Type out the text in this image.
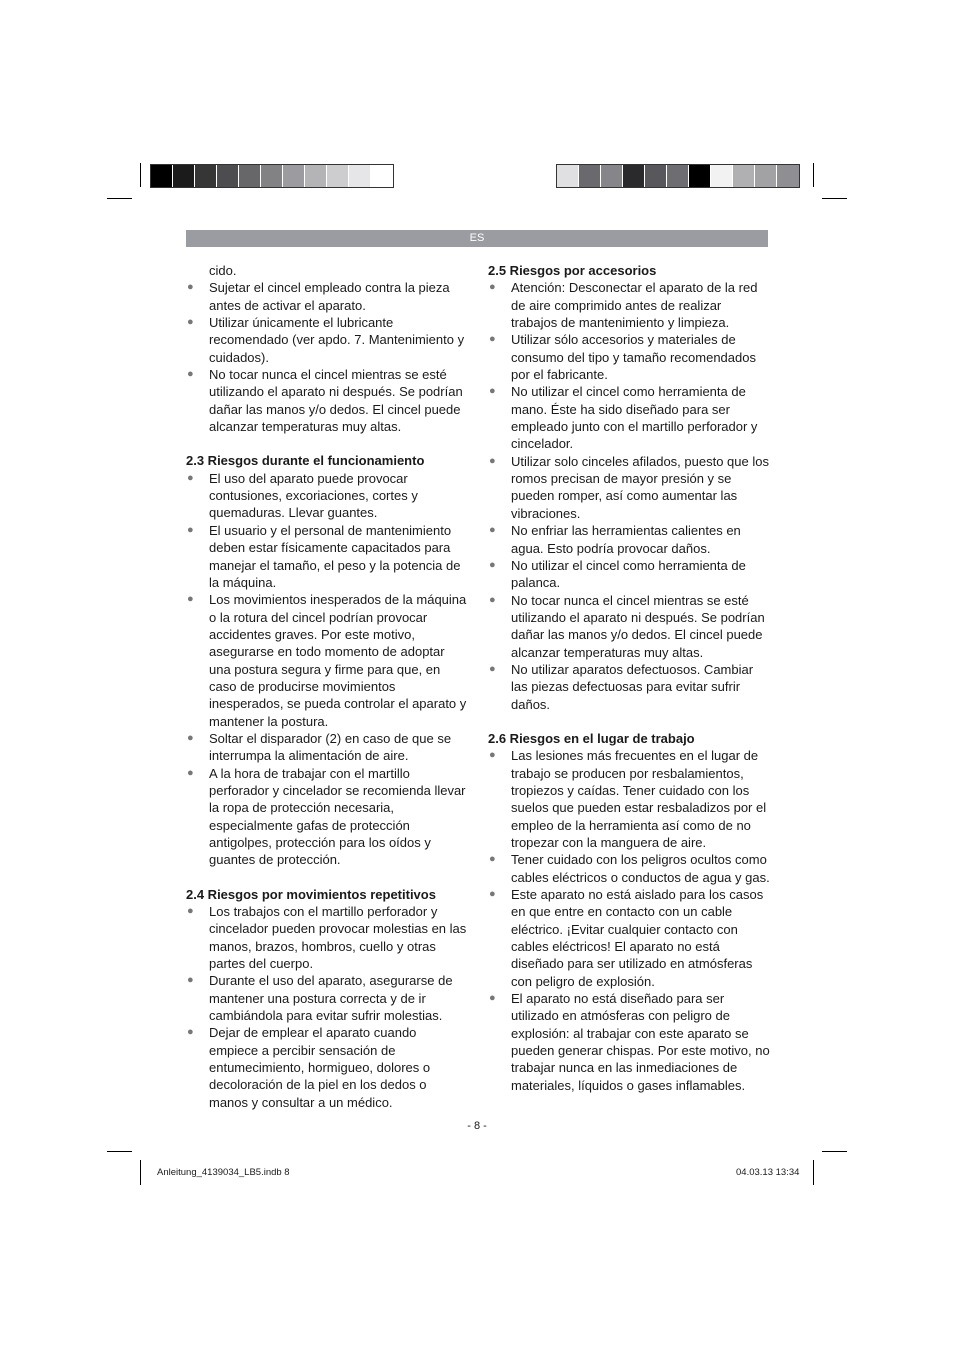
ES

cido.

● Sujetar el cincel empleado contra la pieza antes de activar el aparato.
● Utilizar únicamente el lubricante recomendado (ver apdo. 7. Mantenimiento y cuidados).
● No tocar nunca el cincel mientras se esté utilizando el aparato ni después. Se podrían dañar las manos y/o dedos. El cincel puede alcanzar temperaturas muy altas.

2.3 Riesgos durante el funcionamiento

● El uso del aparato puede provocar contusiones, excoriaciones, cortes y quemaduras. Llevar guantes.
● El usuario y el personal de mantenimiento deben estar físicamente capacitados para manejar el tamaño, el peso y la potencia de la máquina.
● Los movimientos inesperados de la máquina o la rotura del cincel podrían provocar accidentes graves. Por este motivo, asegurarse en todo momento de adoptar una postura segura y firme para que, en caso de producirse movimientos inesperados, se pueda controlar el aparato y mantener la postura.
● Soltar el disparador (2) en caso de que se interrumpa la alimentación de aire.
● A la hora de trabajar con el martillo perforador y cincelador se recomienda llevar la ropa de protección necesaria, especialmente gafas de protección antigolpes, protección para los oídos y guantes de protección.

2.4 Riesgos por movimientos repetitivos

● Los trabajos con el martillo perforador y cincelador pueden provocar molestias en las manos, brazos, hombros, cuello y otras partes del cuerpo.
● Durante el uso del aparato, asegurarse de mantener una postura correcta y de ir cambiándola para evitar sufrir molestias.
● Dejar de emplear el aparato cuando empiece a percibir sensación de entumecimiento, hormigueo, dolores o decoloración de la piel en los dedos o manos y consultar a un médico.

2.5 Riesgos por accesorios

● Atención: Desconectar el aparato de la red de aire comprimido antes de realizar trabajos de mantenimiento y limpieza.
● Utilizar sólo accesorios y materiales de consumo del tipo y tamaño recomendados por el fabricante.
● No utilizar el cincel como herramienta de mano. Éste ha sido diseñado para ser empleado junto con el martillo perforador y cincelador.
● Utilizar solo cinceles afilados, puesto que los romos precisan de mayor presión y se pueden romper, así como aumentar las vibraciones.
● No enfriar las herramientas calientes en agua. Esto podría provocar daños.
● No utilizar el cincel como herramienta de palanca.
● No tocar nunca el cincel mientras se esté utilizando el aparato ni después. Se podrían dañar las manos y/o dedos. El cincel puede alcanzar temperaturas muy altas.
● No utilizar aparatos defectuosos. Cambiar las piezas defectuosas para evitar sufrir daños.

2.6 Riesgos en el lugar de trabajo

● Las lesiones más frecuentes en el lugar de trabajo se producen por resbalamientos, tropiezos y caídas. Tener cuidado con los suelos que pueden estar resbaladizos por el empleo de la herramienta así como de no tropezar con la manguera de aire.
● Tener cuidado con los peligros ocultos como cables eléctricos o conductos de agua y gas.
● Este aparato no está aislado para los casos en que entre en contacto con un cable eléctrico. ¡Evitar cualquier contacto con cables eléctricos! El aparato no está diseñado para ser utilizado en atmósferas con peligro de explosión.
● El aparato no está diseñado para ser utilizado en atmósferas con peligro de explosión: al trabajar con este aparato se pueden generar chispas. Por este motivo, no trabajar nunca en las inmediaciones de materiales, líquidos o gases inflamables.
- 8 -
Anleitung_4139034_LB5.indb 8	04.03.13 13:34
